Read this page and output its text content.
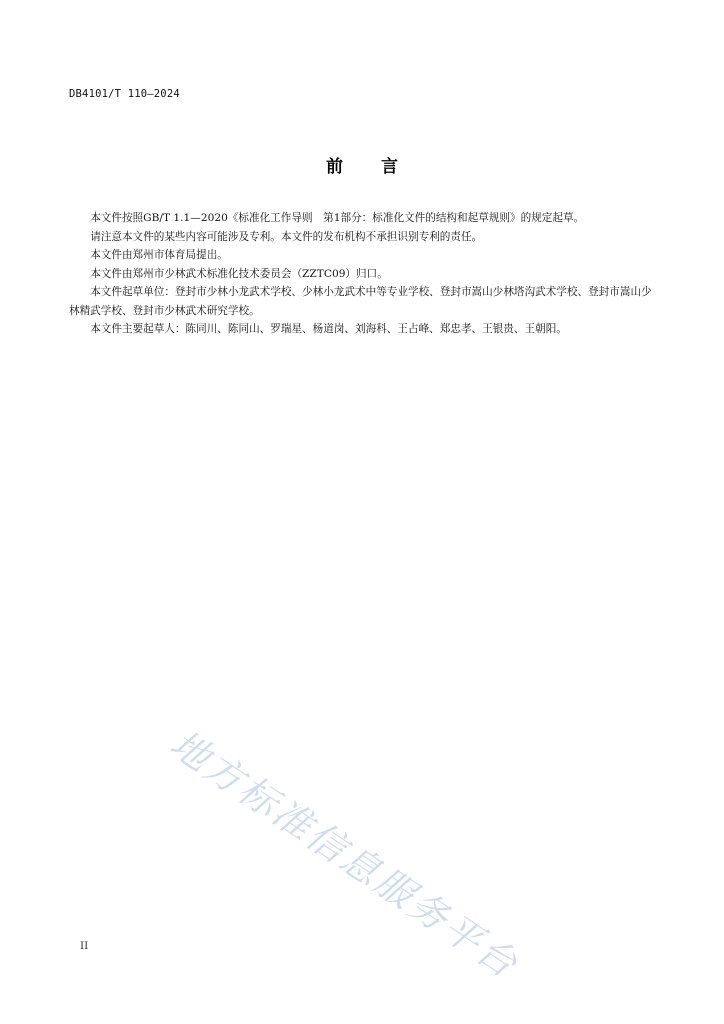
DB4101/T 110—2024
前 言

本文件按照GB/T 1.1—2020《标准化工作导则　第1部分：标准化文件的结构和起草规则》的规定起草。

请注意本文件的某些内容可能涉及专利。本文件的发布机构不承担识别专利的责任。

本文件由郑州市体育局提出。

本文件由郑州市少林武术标准化技术委员会（ZZTC09）归口。

本文件起草单位：登封市少林小龙武术学校、少林小龙武术中等专业学校、登封市嵩山少林塔沟武术学校、登封市嵩山少林精武学校、登封市少林武术研究学校。

本文件主要起草人：陈同川、陈同山、罗瑞星、杨道岗、刘海科、王占峰、郑忠孝、王银贵、王朝阳。

地方标准信息服务平台
II
